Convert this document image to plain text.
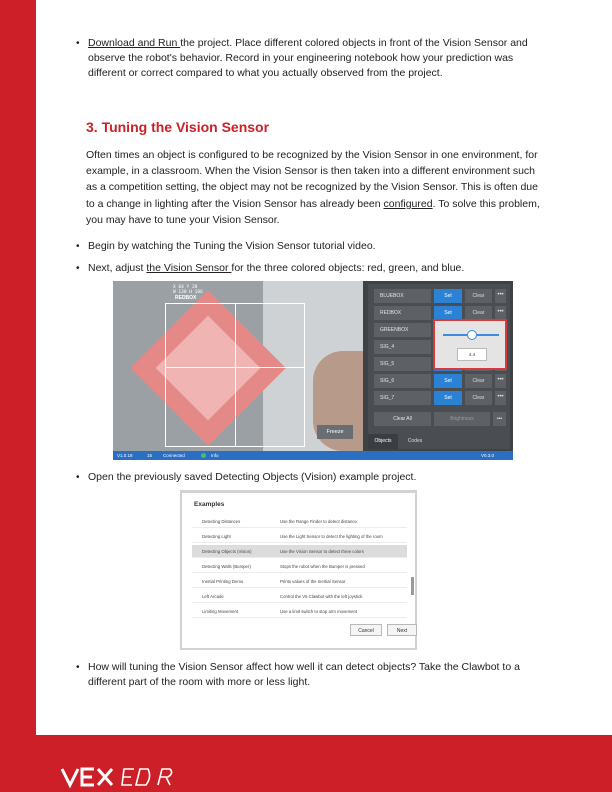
• Download and Run the project. Place different colored objects in front of the Vision Sensor and observe the robot's behavior. Record in your engineering notebook how your prediction was different or correct compared to what you actually observed from the project.
3. Tuning the Vision Sensor
Often times an object is configured to be recognized by the Vision Sensor in one environment, for example, in a classroom. When the Vision Sensor is then taken into a different environment such as a competition setting, the object may not be recognized by the Vision Sensor. This is often due to a change in lighting after the Vision Sensor has already been configured. To solve this problem, you may have to tune your Vision Sensor.
• Begin by watching the Tuning the Vision Sensor tutorial video.
• Next, adjust the Vision Sensor for the three colored objects: red, green, and blue.
X 84 Y 28
W 130 H 106
REDBOX
Freeze
BLUEBOX	Set	Clear	•••
REDBOX	Set	Clear	•••
GREENBOX
SIG_4
SIG_5
SIG_6	Set	Clear	•••
SIG_7	Set	Clear	•••
4.4
Clear All	Brightness	•••
Objects	Codes
V1.0.18	15 Connected	Info	V0.3.0
• Open the previously saved Detecting Objects (Vision) example project.
Examples
Detecting Distances	Use the Range Finder to detect distance
Detecting Light	Use the Light Sensor to detect the lighting of the room
Detecting Objects (Vision)	Use the Vision Sensor to detect three colors
Detecting Walls (Bumper)	Stops the robot when the Bumper is pressed
Inertial Printing Demo	Prints values of the Inertial Sensor
Left Arcade	Control the V5 Clawbot with the left joystick
Limiting Movement	Use a limit switch to stop arm movement
Cancel	Next
• How will tuning the Vision Sensor affect how well it can detect objects? Take the Clawbot to a different part of the room with more or less light.
